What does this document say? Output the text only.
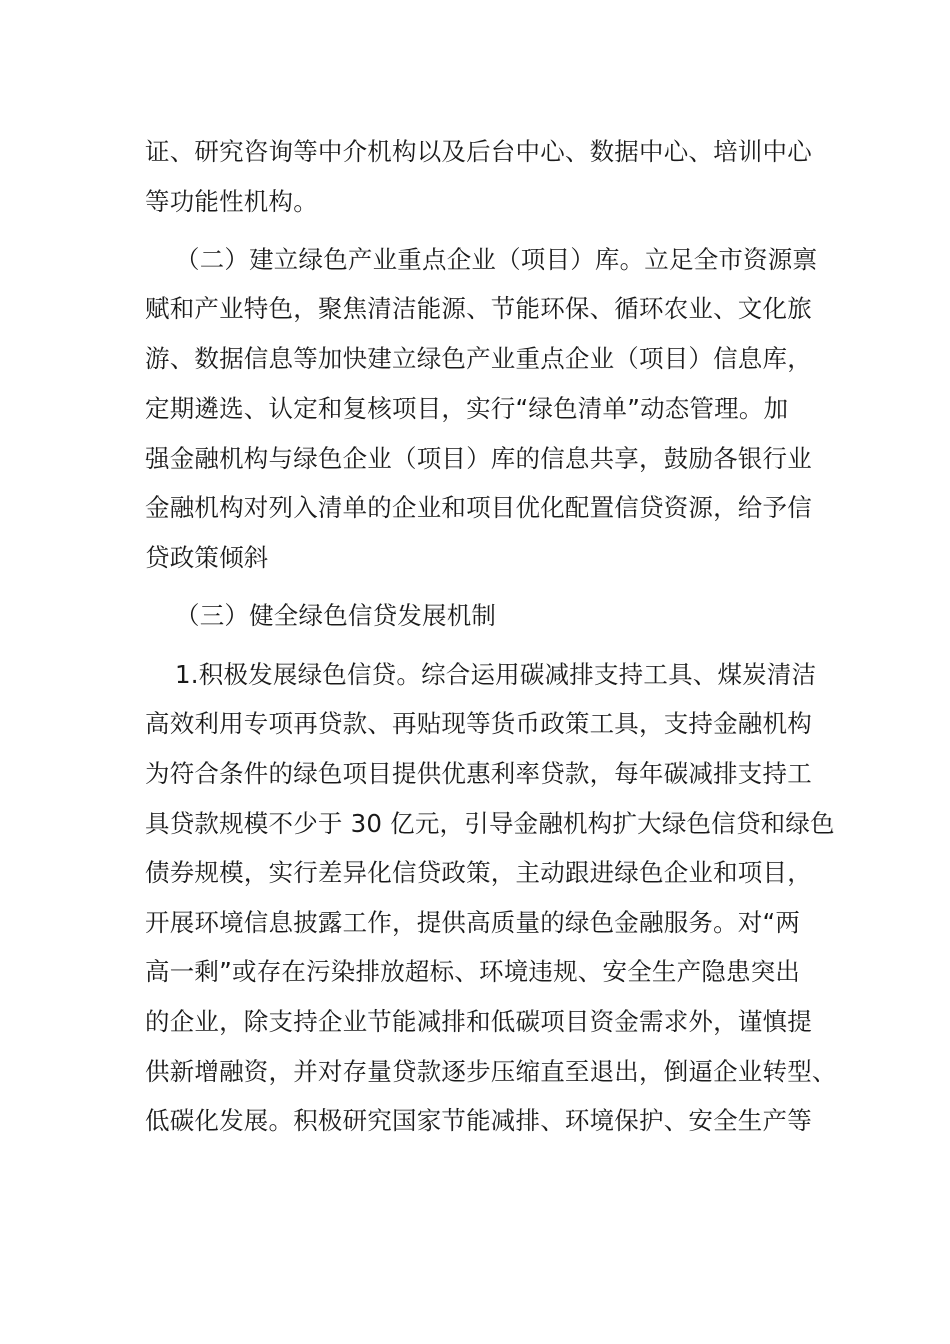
证、研究咨询等中介机构以及后台中心、数据中心、培训中心
等功能性机构。
（二）建立绿色产业重点企业（项目）库。立足全市资源禀
赋和产业特色，聚焦清洁能源、节能环保、循环农业、文化旅
游、数据信息等加快建立绿色产业重点企业（项目）信息库，
定期遴选、认定和复核项目，实行“绿色清单”动态管理。加
强金融机构与绿色企业（项目）库的信息共享，鼓励各银行业
金融机构对列入清单的企业和项目优化配置信贷资源，给予信
贷政策倾斜
（三）健全绿色信贷发展机制
1.积极发展绿色信贷。综合运用碳减排支持工具、煤炭清洁
高效利用专项再贷款、再贴现等货币政策工具，支持金融机构
为符合条件的绿色项目提供优惠利率贷款，每年碳减排支持工
具贷款规模不少于 30 亿元，引导金融机构扩大绿色信贷和绿色
债券规模，实行差异化信贷政策，主动跟进绿色企业和项目，
开展环境信息披露工作，提供高质量的绿色金融服务。对“两
高一剩”或存在污染排放超标、环境违规、安全生产隐患突出
的企业，除支持企业节能减排和低碳项目资金需求外，谨慎提
供新增融资，并对存量贷款逐步压缩直至退出，倒逼企业转型、
低碳化发展。积极研究国家节能减排、环境保护、安全生产等
